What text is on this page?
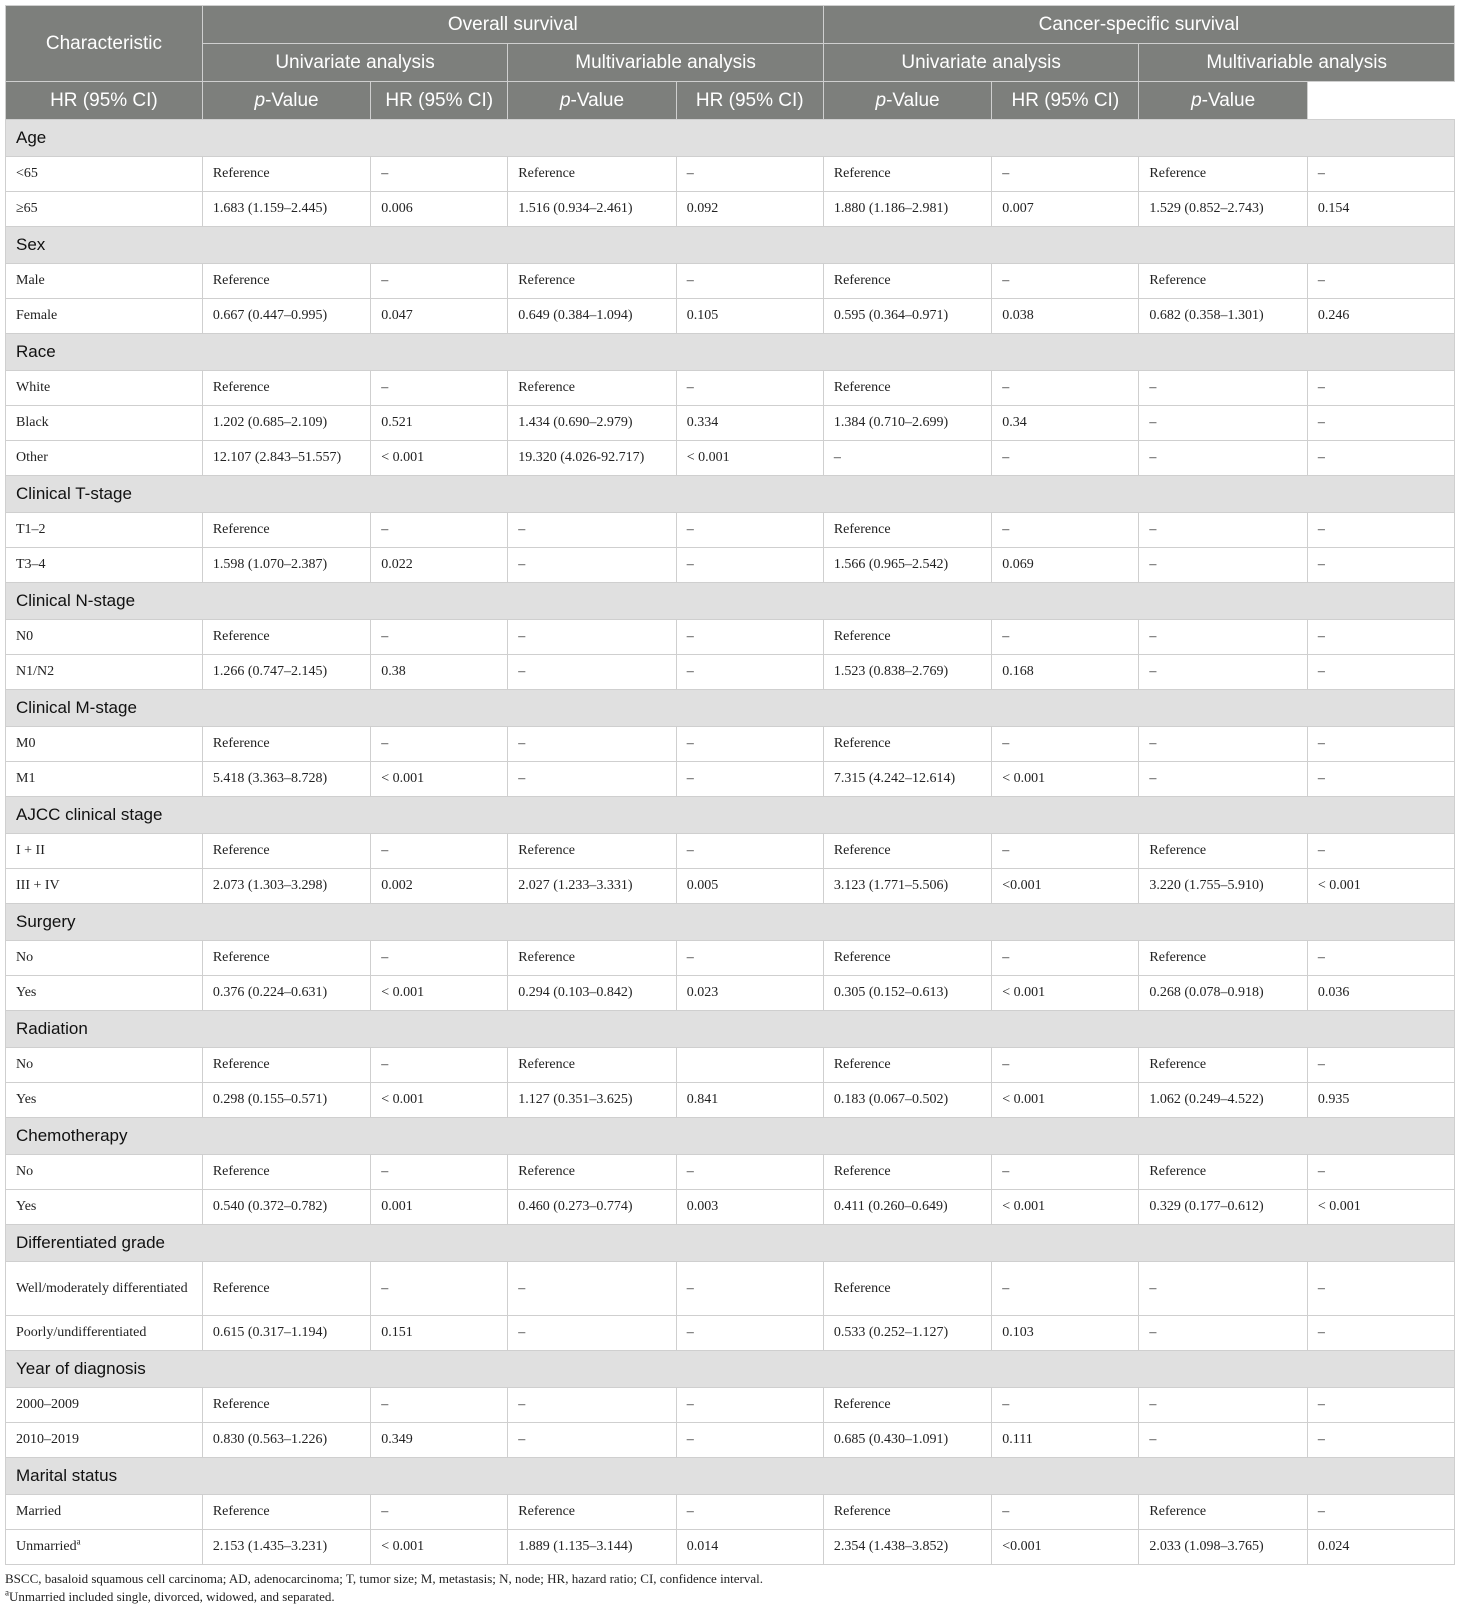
Characteristic	Overall survival				Cancer-specific survival			
	Univariate analysis		Multivariable analysis		Univariate analysis		Multivariable analysis	
HR (95% CI)	p-Value	HR (95% CI)	p-Value	HR (95% CI)	p-Value	HR (95% CI)	p-Value	
Age								
<65	Reference	–	Reference	–	Reference	–	Reference	–
≥65	1.683 (1.159–2.445)	0.006	1.516 (0.934–2.461)	0.092	1.880 (1.186–2.981)	0.007	1.529 (0.852–2.743)	0.154
Sex								
Male	Reference	–	Reference	–	Reference	–	Reference	–
Female	0.667 (0.447–0.995)	0.047	0.649 (0.384–1.094)	0.105	0.595 (0.364–0.971)	0.038	0.682 (0.358–1.301)	0.246
Race								
White	Reference	–	Reference	–	Reference	–	–	–
Black	1.202 (0.685–2.109)	0.521	1.434 (0.690–2.979)	0.334	1.384 (0.710–2.699)	0.34	–	–
Other	12.107 (2.843–51.557)	< 0.001	19.320 (4.026-92.717)	< 0.001	–	–	–	–
Clinical T-stage								
T1–2	Reference	–	–	–	Reference	–	–	–
T3–4	1.598 (1.070–2.387)	0.022	–	–	1.566 (0.965–2.542)	0.069	–	–
Clinical N-stage								
N0	Reference	–	–	–	Reference	–	–	–
N1/N2	1.266 (0.747–2.145)	0.38	–	–	1.523 (0.838–2.769)	0.168	–	–
Clinical M-stage								
M0	Reference	–	–	–	Reference	–	–	–
M1	5.418 (3.363–8.728)	< 0.001	–	–	7.315 (4.242–12.614)	< 0.001	–	–
AJCC clinical stage								
I + II	Reference	–	Reference	–	Reference	–	Reference	–
III + IV	2.073 (1.303–3.298)	0.002	2.027 (1.233–3.331)	0.005	3.123 (1.771–5.506)	<0.001	3.220 (1.755–5.910)	< 0.001
Surgery								
No	Reference	–	Reference	–	Reference	–	Reference	–
Yes	0.376 (0.224–0.631)	< 0.001	0.294 (0.103–0.842)	0.023	0.305 (0.152–0.613)	< 0.001	0.268 (0.078–0.918)	0.036
Radiation								
No	Reference	–	Reference		Reference	–	Reference	–
Yes	0.298 (0.155–0.571)	< 0.001	1.127 (0.351–3.625)	0.841	0.183 (0.067–0.502)	< 0.001	1.062 (0.249–4.522)	0.935
Chemotherapy								
No	Reference	–	Reference	–	Reference	–	Reference	–
Yes	0.540 (0.372–0.782)	0.001	0.460 (0.273–0.774)	0.003	0.411 (0.260–0.649)	< 0.001	0.329 (0.177–0.612)	< 0.001
Differentiated grade								
Well/moderately differentiated	Reference	–	–	–	Reference	–	–	–
Poorly/undifferentiated	0.615 (0.317–1.194)	0.151	–	–	0.533 (0.252–1.127)	0.103	–	–
Year of diagnosis								
2000–2009	Reference	–	–	–	Reference	–	–	–
2010–2019	0.830 (0.563–1.226)	0.349	–	–	0.685 (0.430–1.091)	0.111	–	–
Marital status								
Married	Reference	–	Reference	–	Reference	–	Reference	–
Unmarried$^a$	2.153 (1.435–3.231)	< 0.001	1.889 (1.135–3.144)	0.014	2.354 (1.438–3.852)	<0.001	2.033 (1.098–3.765)	0.024
BSCC, basaloid squamous cell carcinoma; AD, adenocarcinoma; T, tumor size; M, metastasis; N, node; HR, hazard ratio; CI, confidence interval.
$^a$Unmarried included single, divorced, widowed, and separated.
